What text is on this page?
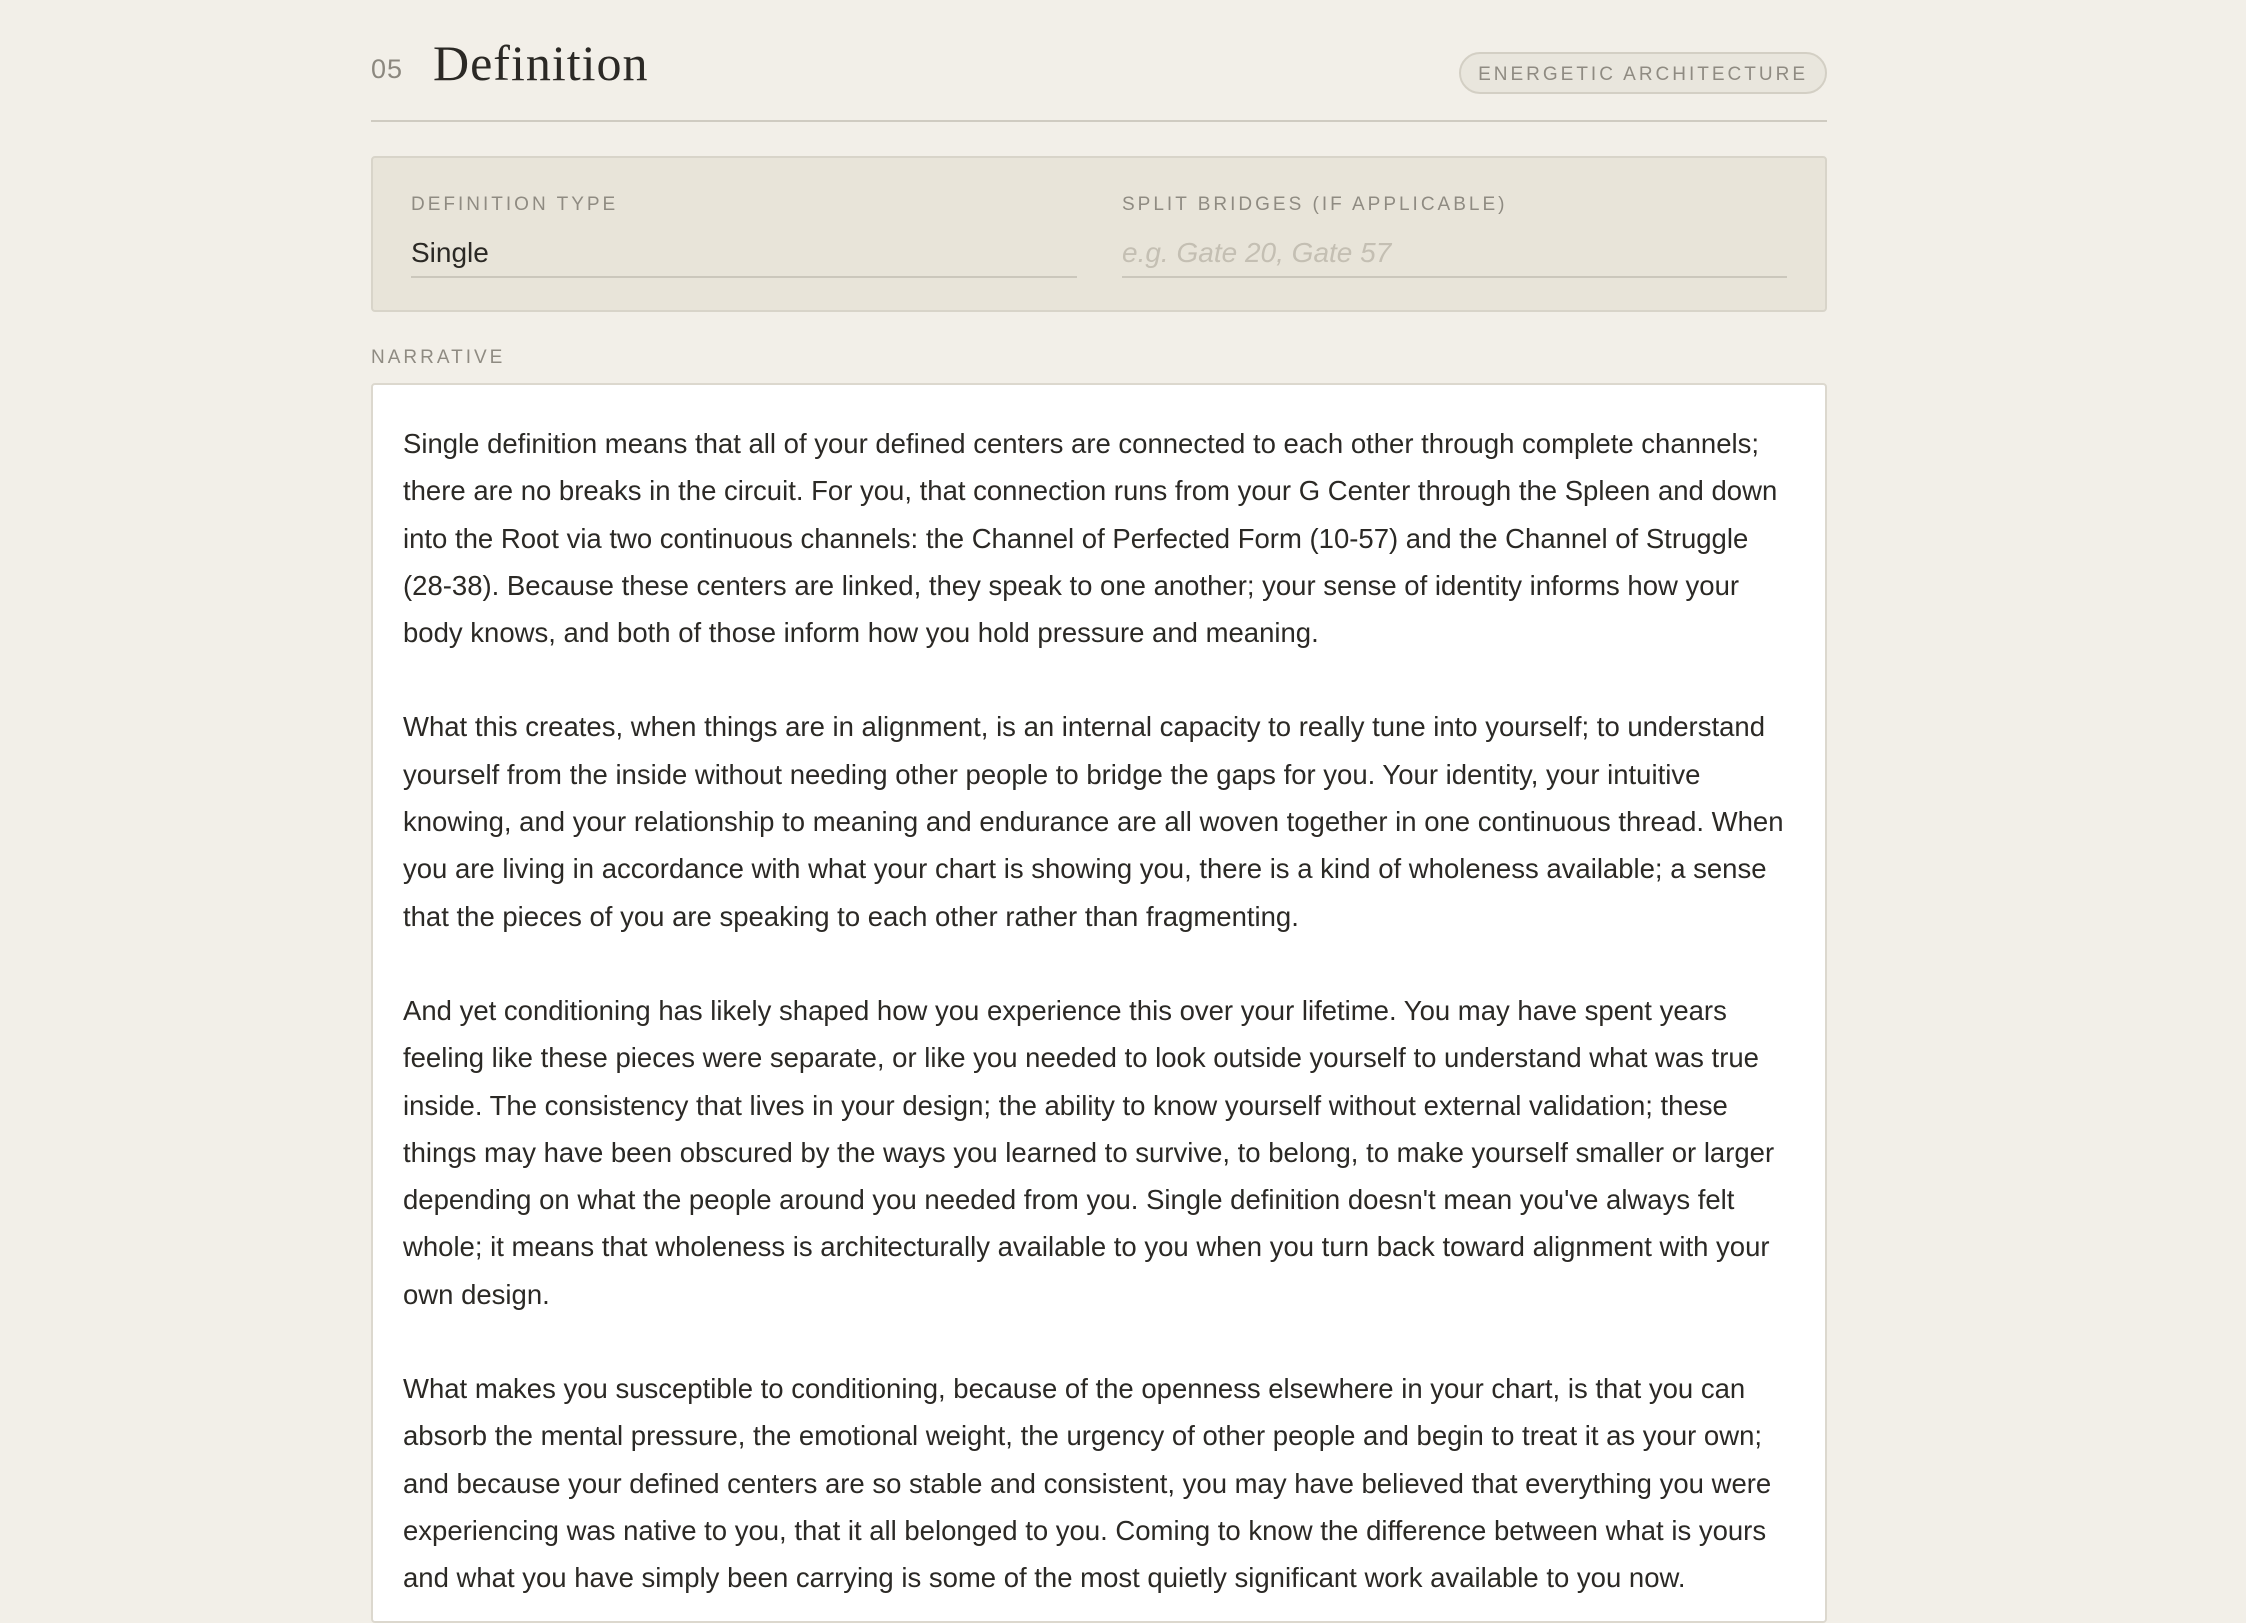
05 Definition	ENERGETIC ARCHITECTURE
DEFINITION TYPE
Single	SPLIT BRIDGES (IF APPLICABLE)
e.g. Gate 20, Gate 57
NARRATIVE

Single definition means that all of your defined centers are connected to each other through complete channels; there are no breaks in the circuit. For you, that connection runs from your G Center through the Spleen and down into the Root via two continuous channels: the Channel of Perfected Form (10-57) and the Channel of Struggle (28-38). Because these centers are linked, they speak to one another; your sense of identity informs how your body knows, and both of those inform how you hold pressure and meaning.

What this creates, when things are in alignment, is an internal capacity to really tune into yourself; to understand yourself from the inside without needing other people to bridge the gaps for you. Your identity, your intuitive knowing, and your relationship to meaning and endurance are all woven together in one continuous thread. When you are living in accordance with what your chart is showing you, there is a kind of wholeness available; a sense that the pieces of you are speaking to each other rather than fragmenting.

And yet conditioning has likely shaped how you experience this over your lifetime. You may have spent years feeling like these pieces were separate, or like you needed to look outside yourself to understand what was true inside. The consistency that lives in your design; the ability to know yourself without external validation; these things may have been obscured by the ways you learned to survive, to belong, to make yourself smaller or larger depending on what the people around you needed from you. Single definition doesn't mean you've always felt whole; it means that wholeness is architecturally available to you when you turn back toward alignment with your own design.

What makes you susceptible to conditioning, because of the openness elsewhere in your chart, is that you can absorb the mental pressure, the emotional weight, the urgency of other people and begin to treat it as your own; and because your defined centers are so stable and consistent, you may have believed that everything you were experiencing was native to you, that it all belonged to you. Coming to know the difference between what is yours and what you have simply been carrying is some of the most quietly significant work available to you now.
